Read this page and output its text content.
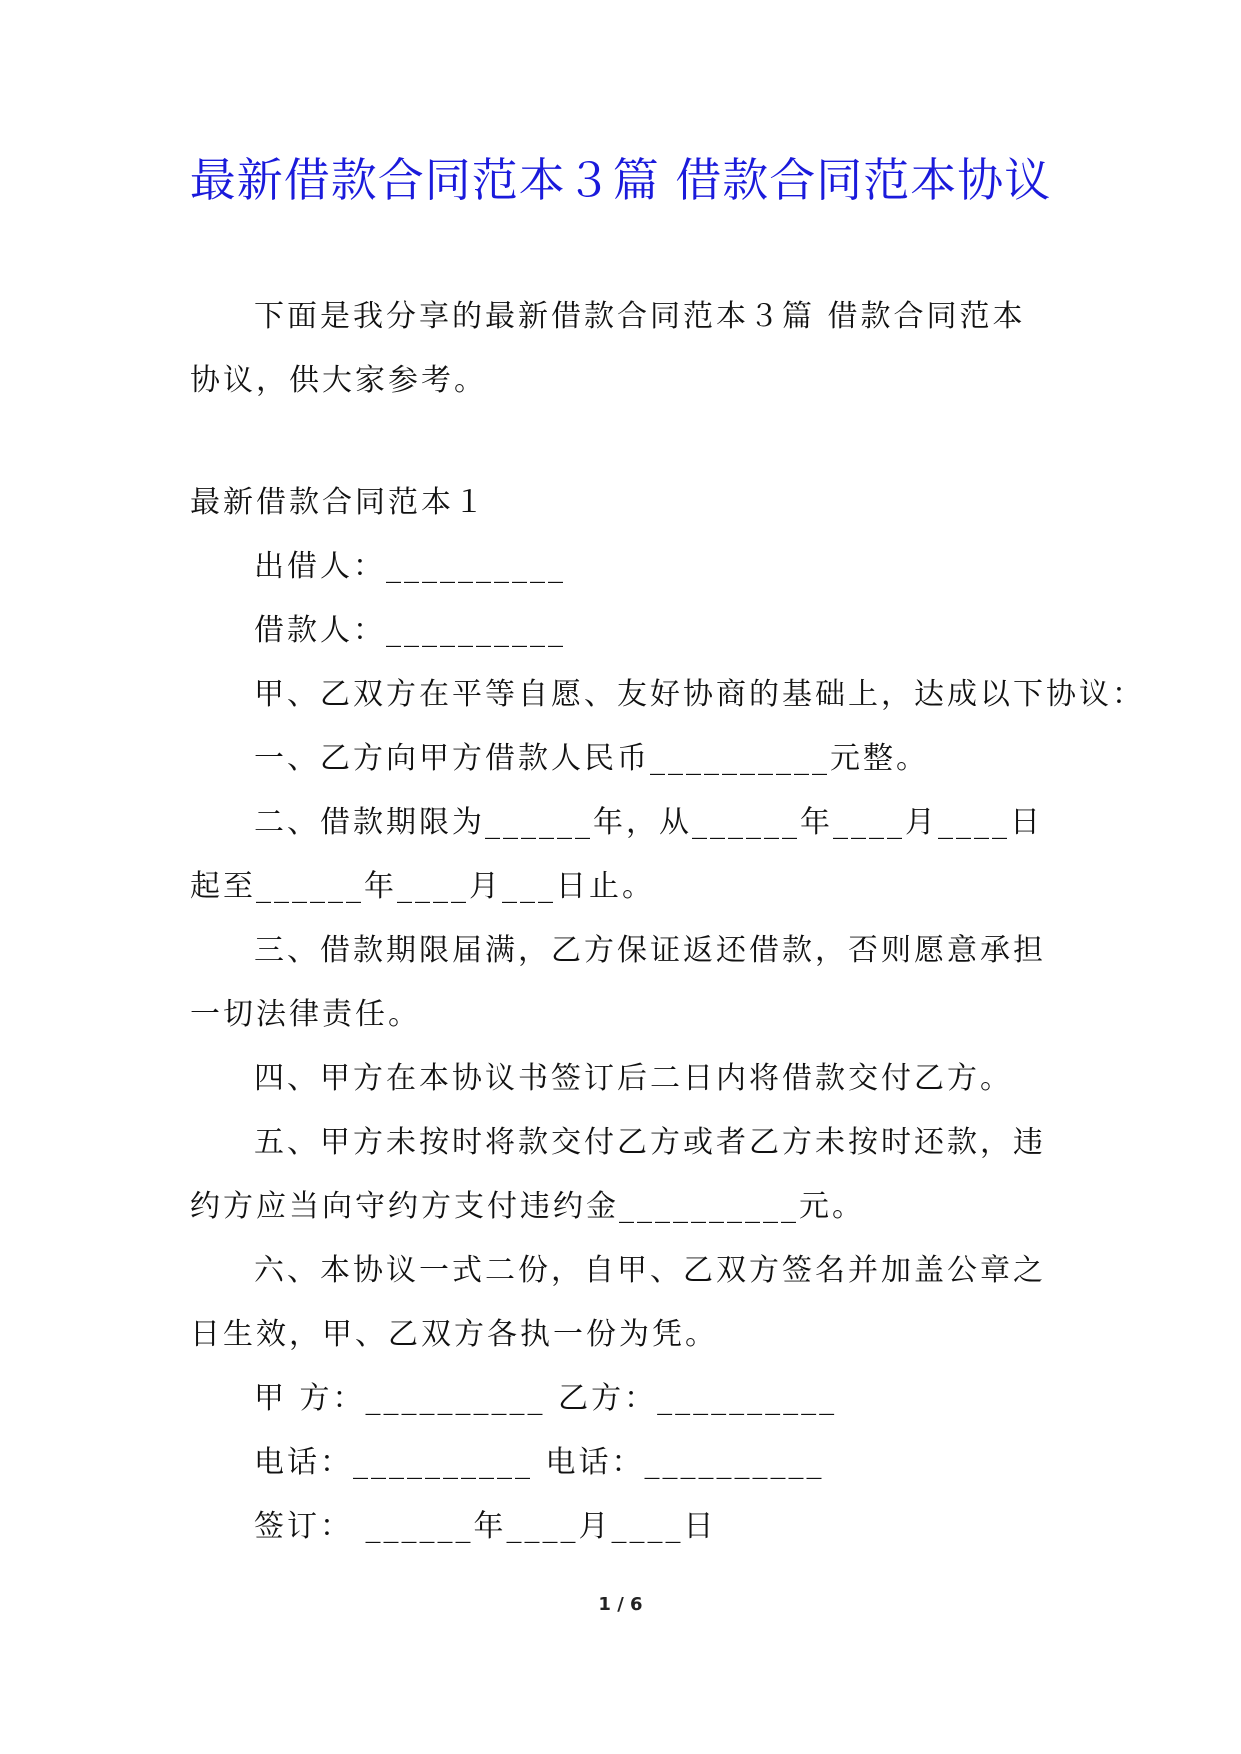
最新借款合同范本３篇 借款合同范本协议

下面是我分享的最新借款合同范本３篇 借款合同范本协议，供大家参考。

最新借款合同范本１

出借人：__________

借款人：__________

甲、乙双方在平等自愿、友好协商的基础上，达成以下协议：

一、乙方向甲方借款人民币__________元整。

二、借款期限为______年，从______年____月____日起至______年____月___日止。

三、借款期限届满，乙方保证返还借款，否则愿意承担一切法律责任。

四、甲方在本协议书签订后二日内将借款交付乙方。

五、甲方未按时将款交付乙方或者乙方未按时还款，违约方应当向守约方支付违约金__________元。

六、本协议一式二份，自甲、乙双方签名并加盖公章之日生效，甲、乙双方各执一份为凭。

甲 方：__________ 乙方：__________

电话：__________ 电话：__________

签订： ______年____月____日

1 / 6
